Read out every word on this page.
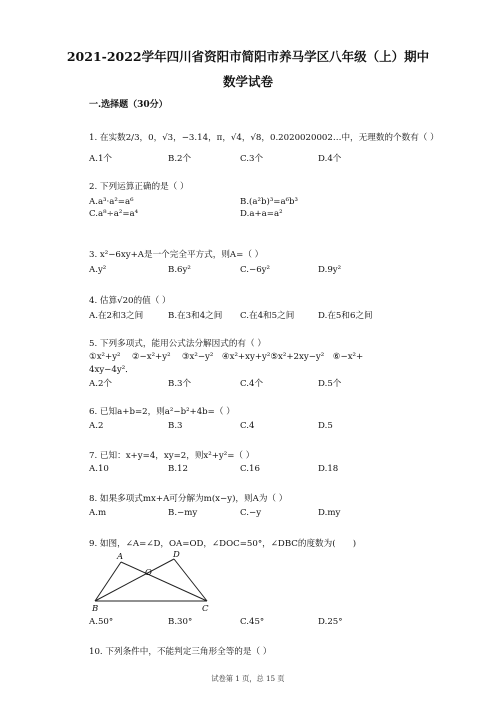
2021-2022学年四川省资阳市简阳市养马学区八年级（上）期中
数学试卷
一.选择题（30分）
1. 在实数2/3，0，√3，−3.14，π，√4，√8，0.2020020002…中，无理数的个数有（ ）
A.1个	B.2个	C.3个	D.4个
2. 下列运算正确的是（ ）
A.a³·a²=a⁶	B.(a²b)³=a⁶b³
C.a⁸÷a²=a⁴	D.a+a=a²
3. x²−6xy+A是一个完全平方式，则A=（ ）
A.y²	B.6y²	C.−6y²	D.9y²
4. 估算√20的值（ ）
A.在2和3之间	B.在3和4之间 C.在4和5之间	D.在5和6之间
5. 下列多项式，能用公式法分解因式的有（ ）
①x²+y²　 ②−x²+y²　 ③x²−y²　④x²+xy+y²⑤x²+2xy−y²　⑥−x²+
4xy−4y²．
A.2个	B.3个	C.4个	D.5个
6. 已知a+b=2，则a²−b²+4b=（ ）
A.2	B.3	C.4	D.5
7. 已知：x+y=4，xy=2，则x²+y²=（ ）
A.10	B.12	C.16	D.18
8. 如果多项式mx+A可分解为m(x−y)，则A为（ ）
A.m	B.−my	C.−y	D.my
9. 如图，∠A=∠D，OA=OD，∠DOC=50°，∠DBC的度数为(　　)
A	D
O
B	C
A.50°	B.30°	C.45°	D.25°
10. 下列条件中，不能判定三角形全等的是（ ）
试卷第 1 页，总 15 页
